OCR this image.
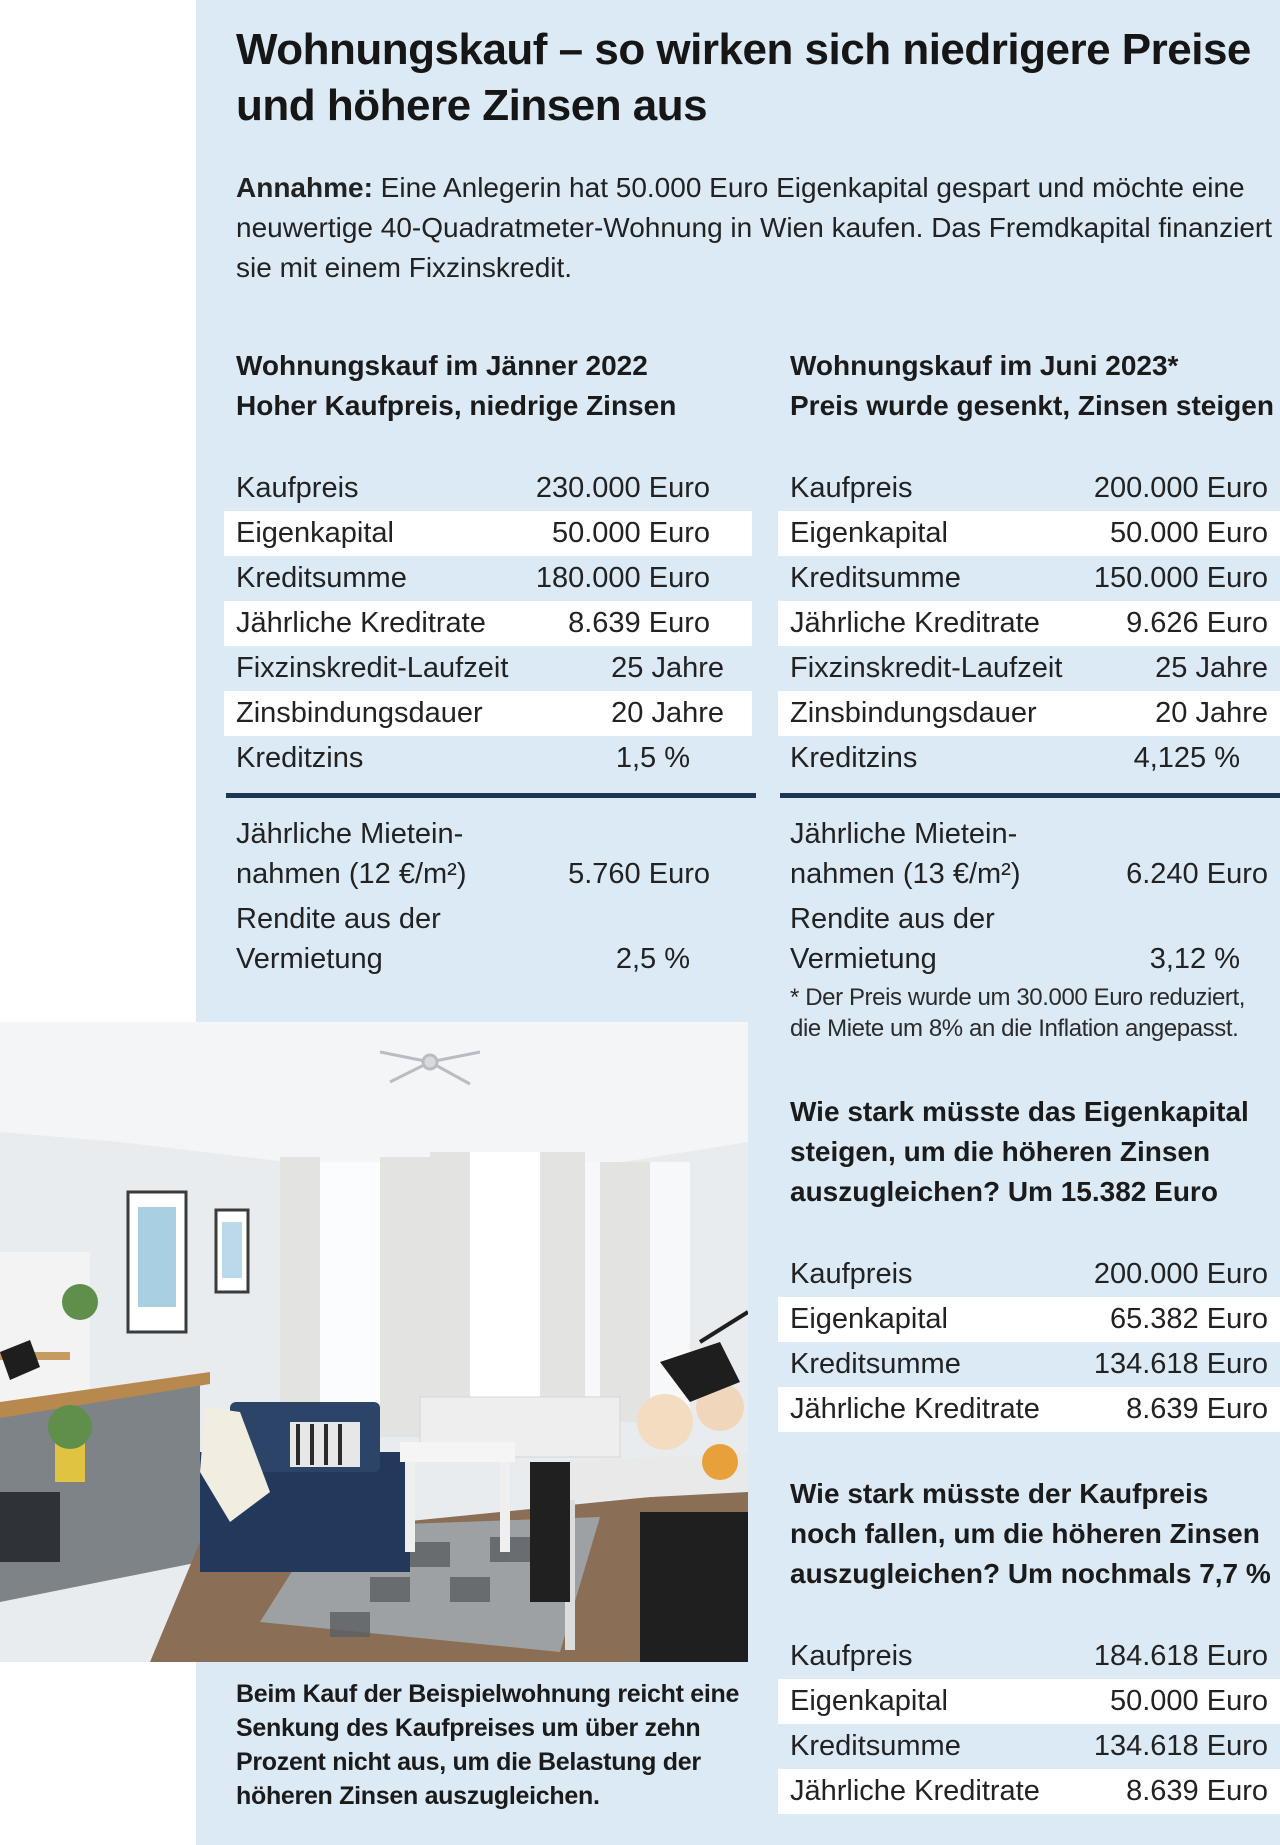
Wohnungskauf – so wirken sich niedrigere Preise und höhere Zinsen aus

Annahme: Eine Anlegerin hat 50.000 Euro Eigenkapital gespart und möchte eine neuwertige 40-Quadratmeter-Wohnung in Wien kaufen. Das Fremdkapital finanziert sie mit einem Fixzinskredit.

Wohnungskauf im Jänner 2022
Hoher Kaufpreis, niedrige Zinsen
Kaufpreis	230.000 Euro
Eigenkapital	50.000 Euro
Kreditsumme	180.000 Euro
Jährliche Kreditrate	8.639 Euro
Fixzinskredit-Laufzeit	25 Jahre
Zinsbindungsdauer	20 Jahre
Kreditzins	1,5 %
Jährliche Mietein-
nahmen (12 €/m²)	5.760 Euro
Rendite aus der
Vermietung	2,5 %
Wohnungskauf im Juni 2023*
Preis wurde gesenkt, Zinsen steigen
Kaufpreis	200.000 Euro
Eigenkapital	50.000 Euro
Kreditsumme	150.000 Euro
Jährliche Kreditrate	9.626 Euro
Fixzinskredit-Laufzeit	25 Jahre
Zinsbindungsdauer	20 Jahre
Kreditzins	4,125 %
Jährliche Mietein-
nahmen (13 €/m²)	6.240 Euro
Rendite aus der
Vermietung	3,12 %
* Der Preis wurde um 30.000 Euro reduziert, die Miete um 8% an die Inflation angepasst.
Wie stark müsste das Eigenkapital steigen, um die höheren Zinsen auszugleichen? Um 15.382 Euro
Kaufpreis	200.000 Euro
Eigenkapital	65.382 Euro
Kreditsumme	134.618 Euro
Jährliche Kreditrate	8.639 Euro
Wie stark müsste der Kaufpreis noch fallen, um die höheren Zinsen auszugleichen? Um nochmals 7,7 %
Kaufpreis	184.618 Euro
Eigenkapital	50.000 Euro
Kreditsumme	134.618 Euro
Jährliche Kreditrate	8.639 Euro
Beim Kauf der Beispielwohnung reicht eine Senkung des Kaufpreises um über zehn Prozent nicht aus, um die Belastung der höheren Zinsen auszugleichen.
